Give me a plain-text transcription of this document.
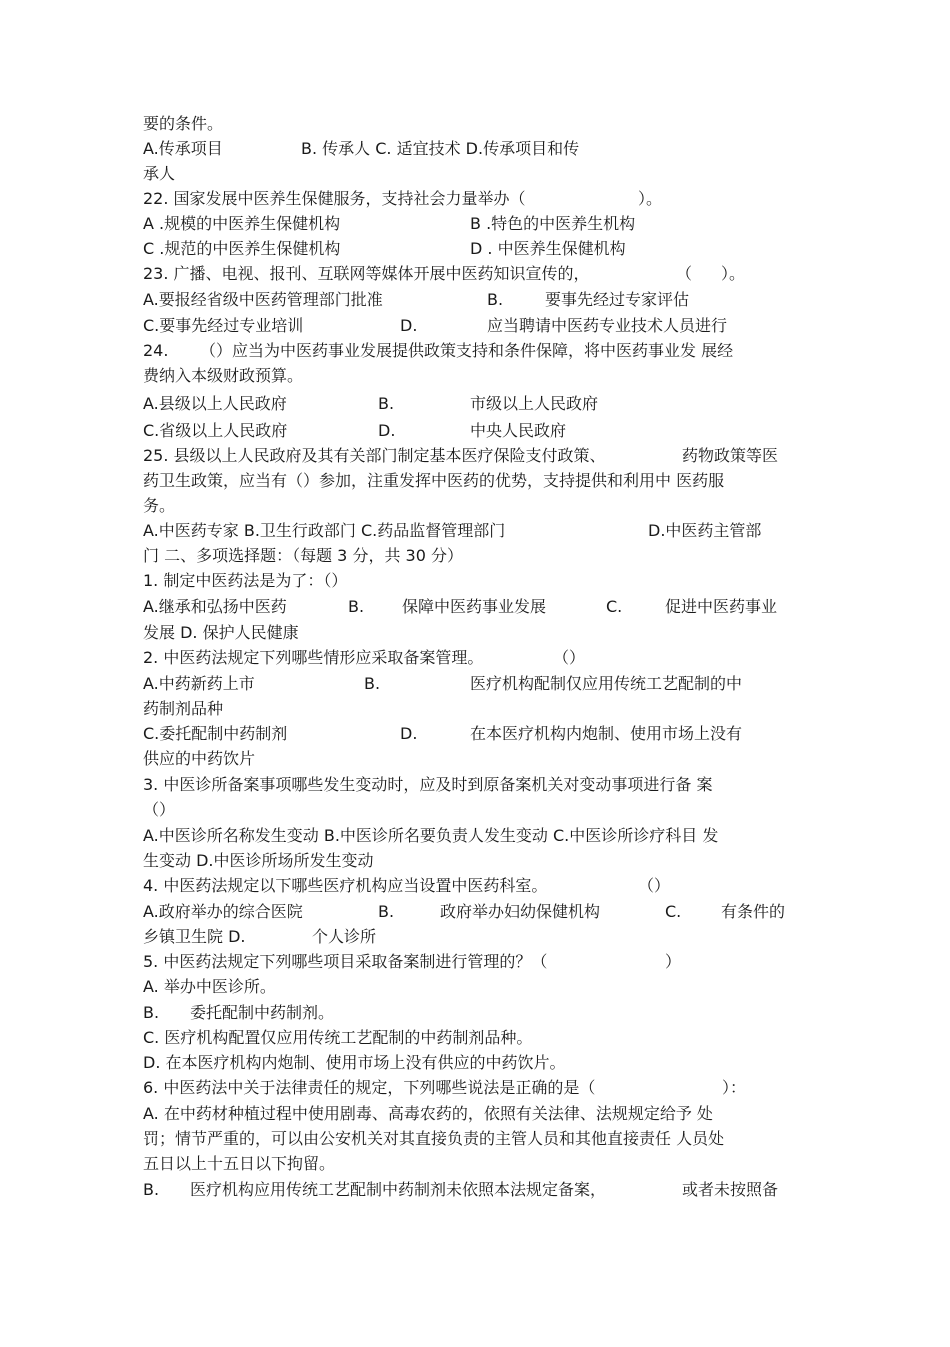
要的条件。
A.传承项目	B. 传承人 C. 适宜技术 D.传承项目和传
承人
22. 国家发展中医养生保健服务，支持社会力量举办（	）。
A .规模的中医养生保健机构	B .特色的中医养生机构
C .规范的中医养生保健机构	D . 中医养生保健机构
23. 广播、电视、报刊、互联网等媒体开展中医药知识宣传的，	（ ）。
A.要报经省级中医药管理部门批准	B.	要事先经过专家评估
C.要事先经过专业培训	D.	应当聘请中医药专业技术人员进行
24. （）应当为中医药事业发展提供政策支持和条件保障，将中医药事业发 展经
费纳入本级财政预算。
A.县级以上人民政府	B.	市级以上人民政府
C.省级以上人民政府	D.	中央人民政府
25. 县级以上人民政府及其有关部门制定基本医疗保险支付政策、	药物政策等医
药卫生政策，应当有（）参加，注重发挥中医药的优势，支持提供和利用中 医药服
务。
A.中医药专家 B.卫生行政部门 C.药品监督管理部门	D.中医药主管部
门 二、多项选择题：（每题 3 分，共 30 分）
1. 制定中医药法是为了：（）
A.继承和弘扬中医药	B. 保障中医药事业发展	C.	促进中医药事业
发展 D. 保护人民健康
2. 中医药法规定下列哪些情形应采取备案管理。	（）
A.中药新药上市	B.	医疗机构配制仅应用传统工艺配制的中
药制剂品种
C.委托配制中药制剂	D.	在本医疗机构内炮制、使用市场上没有
供应的中药饮片
3. 中医诊所备案事项哪些发生变动时，应及时到原备案机关对变动事项进行备 案
（）
A.中医诊所名称发生变动 B.中医诊所名要负责人发生变动 C.中医诊所诊疗科目 发
生变动 D.中医诊所场所发生变动
4. 中医药法规定以下哪些医疗机构应当设置中医药科室。	（）
A.政府举办的综合医院	B.	政府举办妇幼保健机构	C. 有条件的
乡镇卫生院 D.	个人诊所
5. 中医药法规定下列哪些项目采取备案制进行管理的？（	）
A. 举办中医诊所。
B. 委托配制中药制剂。
C. 医疗机构配置仅应用传统工艺配制的中药制剂品种。
D. 在本医疗机构内炮制、使用市场上没有供应的中药饮片。
6. 中医药法中关于法律责任的规定，下列哪些说法是正确的是（	）：
A. 在中药材种植过程中使用剧毒、高毒农药的，依照有关法律、法规规定给予 处
罚；情节严重的，可以由公安机关对其直接负责的主管人员和其他直接责任 人员处
五日以上十五日以下拘留。
B. 医疗机构应用传统工艺配制中药制剂未依照本法规定备案，	或者未按照备
